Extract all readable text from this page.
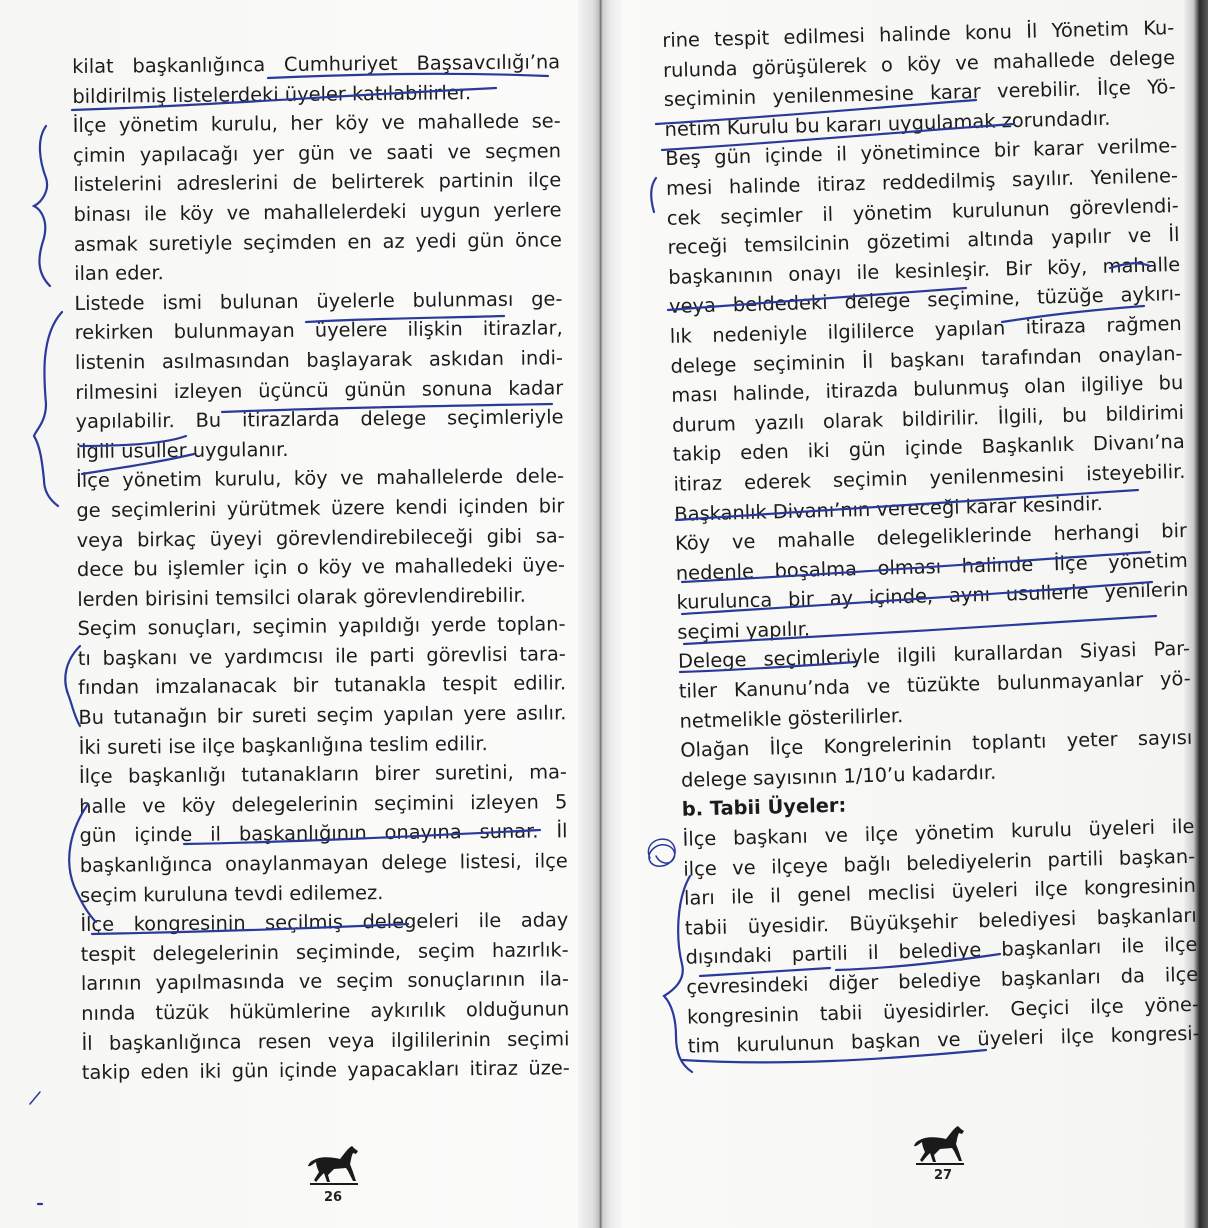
kilat başkanlığınca Cumhuriyet Başsavcılığı’na
bildirilmiş listelerdeki üyeler katılabilirler.
İlçe yönetim kurulu, her köy ve mahallede se-
çimin yapılacağı yer gün ve saati ve seçmen
listelerini adreslerini de belirterek partinin ilçe
binası ile köy ve mahallelerdeki uygun yerlere
asmak suretiyle seçimden en az yedi gün önce
ilan eder.
Listede ismi bulunan üyelerle bulunması ge-
rekirken bulunmayan üyelere ilişkin itirazlar,
listenin asılmasından başlayarak askıdan indi-
rilmesini izleyen üçüncü günün sonuna kadar
yapılabilir. Bu itirazlarda delege seçimleriyle
ilgili usuller uygulanır.
İlçe yönetim kurulu, köy ve mahallelerde dele-
ge seçimlerini yürütmek üzere kendi içinden bir
veya birkaç üyeyi görevlendirebileceği gibi sa-
dece bu işlemler için o köy ve mahalledeki üye-
lerden birisini temsilci olarak görevlendirebilir.
Seçim sonuçları, seçimin yapıldığı yerde toplan-
tı başkanı ve yardımcısı ile parti görevlisi tara-
fından imzalanacak bir tutanakla tespit edilir.
Bu tutanağın bir sureti seçim yapılan yere asılır.
İki sureti ise ilçe başkanlığına teslim edilir.
İlçe başkanlığı tutanakların birer suretini, ma-
halle ve köy delegelerinin seçimini izleyen 5
gün içinde il başkanlığının onayına sunar. İl
başkanlığınca onaylanmayan delege listesi, ilçe
seçim kuruluna tevdi edilemez.
İlçe kongresinin seçilmiş delegeleri ile aday
tespit delegelerinin seçiminde, seçim hazırlık-
larının yapılmasında ve seçim sonuçlarının ila-
nında tüzük hükümlerine aykırılık olduğunun
İl başkanlığınca resen veya ilgililerinin seçimi
takip eden iki gün içinde yapacakları itiraz üze-
26
rine tespit edilmesi halinde konu İl Yönetim Ku-
rulunda görüşülerek o köy ve mahallede delege
seçiminin yenilenmesine karar verebilir. İlçe Yö-
netim Kurulu bu kararı uygulamak zorundadır.
Beş gün içinde il yönetimince bir karar verilme-
mesi halinde itiraz reddedilmiş sayılır. Yenilene-
cek seçimler il yönetim kurulunun görevlendi-
receği temsilcinin gözetimi altında yapılır ve İl
başkanının onayı ile kesinleşir. Bir köy, mahalle
veya beldedeki delege seçimine, tüzüğe aykırı-
lık nedeniyle ilgililerce yapılan itiraza rağmen
delege seçiminin İl başkanı tarafından onaylan-
ması halinde, itirazda bulunmuş olan ilgiliye bu
durum yazılı olarak bildirilir. İlgili, bu bildirimi
takip eden iki gün içinde Başkanlık Divanı’na
itiraz ederek seçimin yenilenmesini isteyebilir.
Başkanlık Divanı’nın vereceği karar kesindir.
Köy ve mahalle delegeliklerinde herhangi bir
nedenle boşalma olması halinde İlçe yönetim
kurulunca bir ay içinde, aynı usullerle yenilerin
seçimi yapılır.
Delege seçimleriyle ilgili kurallardan Siyasi Par-
tiler Kanunu’nda ve tüzükte bulunmayanlar yö-
netmelikle gösterilirler.
Olağan İlçe Kongrelerinin toplantı yeter sayısı
delege sayısının 1/10’u kadardır.
b. Tabii Üyeler:
İlçe başkanı ve ilçe yönetim kurulu üyeleri ile
ilçe ve ilçeye bağlı belediyelerin partili başkan-
ları ile il genel meclisi üyeleri ilçe kongresinin
tabii üyesidir. Büyükşehir belediyesi başkanları
dışındaki partili il belediye başkanları ile ilçe
çevresindeki diğer belediye başkanları da ilçe
kongresinin tabii üyesidirler. Geçici ilçe yöne-
tim kurulunun başkan ve üyeleri ilçe kongresi-
27
